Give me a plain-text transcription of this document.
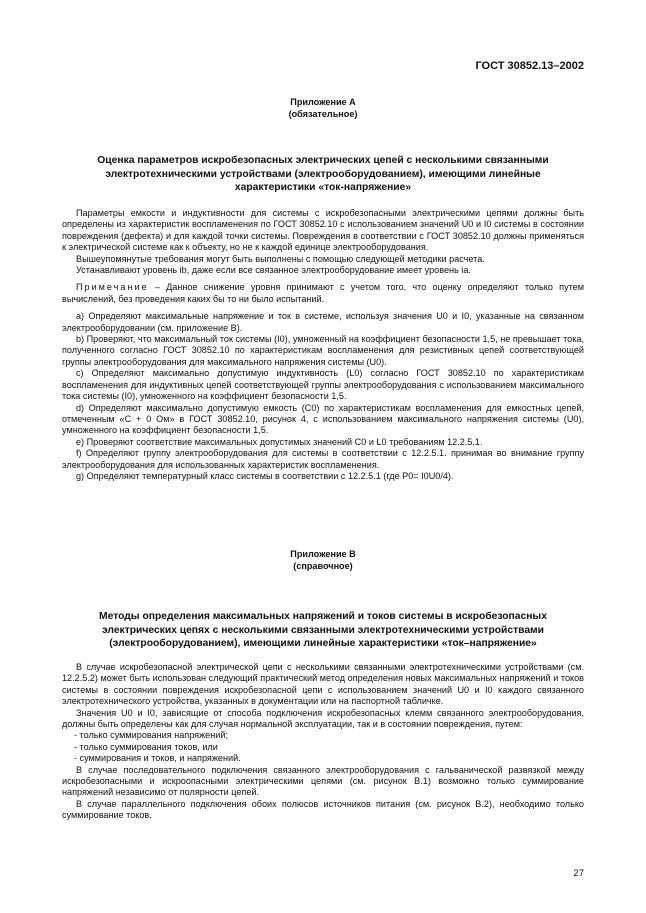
ГОСТ 30852.13–2002
Приложение А
(обязательное)
Оценка параметров искробезопасных электрических цепей с несколькими связанными электротехническими устройствами (электрооборудованием), имеющими линейные характеристики «ток-напряжение»

Параметры емкости и индуктивности для системы с искробезопасными электрическими цепями должны быть определены из характеристик воспламенения по ГОСТ 30852.10 с использованием значений U0 и I0 системы в состоянии повреждения (дефекта) и для каждой точки системы. Повреждения в соответствии с ГОСТ 30852.10 должны применяться к электрической системе как к объекту, но не к каждой единице электрооборудования.

Вышеупомянутые требования могут быть выполнены с помощью следующей методики расчета.

Устанавливают уровень ib, даже если все связанное электрооборудование имеет уровень ia.

Примечание – Данное снижение уровня принимают с учетом того, что оценку определяют только путем вычислений, без проведения каких бы то ни было испытаний.

a) Определяют максимальные напряжение и ток в системе, используя значения U0 и I0, указанные на связанном электрооборудовании (см. приложение В).

b) Проверяют, что максимальный ток системы (I0), умноженный на коэффициент безопасности 1,5, не превышает тока, полученного согласно ГОСТ 30852.10 по характеристикам воспламенения для резистивных цепей соответствующей группы электрооборудования для максимального напряжения системы (U0).

c) Определяют максимально допустимую индуктивность (L0) согласно ГОСТ 30852.10 по характеристикам воспламенения для индуктивных цепей соответствующей группы электрооборудования с использованием максимального тока системы (I0), умноженного на коэффициент безопасности 1,5.

d) Определяют максимально допустимую емкость (C0) по характеристикам воспламенения для емкостных цепей, отмеченным «С + 0 Ом» в ГОСТ 30852.10, рисунок 4, с использованием максимального напряжения системы (U0), умноженного на коэффициент безопасности 1,5.

e) Проверяют соответствие максимальных допустимых значений C0 и L0 требованиям 12.2.5.1.

f) Определяют группу электрооборудования для системы в соответствии с 12.2.5.1. принимая во внимание группу электрооборудования для использованных характеристик воспламенения.

g) Определяют температурный класс системы в соответствии с 12.2.5.1 (где P0= I0U0/4).

Приложение В
(справочное)
Методы определения максимальных напряжений и токов системы в искробезопасных электрических цепях с несколькими связанными электротехническими устройствами (электрооборудованием), имеющими линейные характеристики «ток–напряжение»

В случае искробезопасной электрической цепи с несколькими связанными электротехническими устройствами (см. 12.2.5.2) может быть использован следующий практический метод определения новых максимальных напряжений и токов системы в состоянии повреждения искробезопасной цепи с использованием значений U0 и I0 каждого связанного электротехнического устройства, указанных в документации или на паспортной табличке.

Значения U0 и I0, зависящие от способа подключения искробезопасных клемм связанного электрооборудования, должны быть определены как для случая нормальной эксплуатации, так и в состоянии повреждения, путем:

- только суммирования напряжений;

- только суммирования токов, или

- суммирования и токов, и напряжений.

В случае последовательного подключения связанного электрооборудования с гальванической развязкой между искробезопасными и искроопасными электрическими цепями (см. рисунок В.1) возможно только суммирование напряжений независимо от полярности цепей.

В случае параллельного подключения обоих полюсов источников питания (см. рисунок В.2), необходимо только суммирование токов.

27
